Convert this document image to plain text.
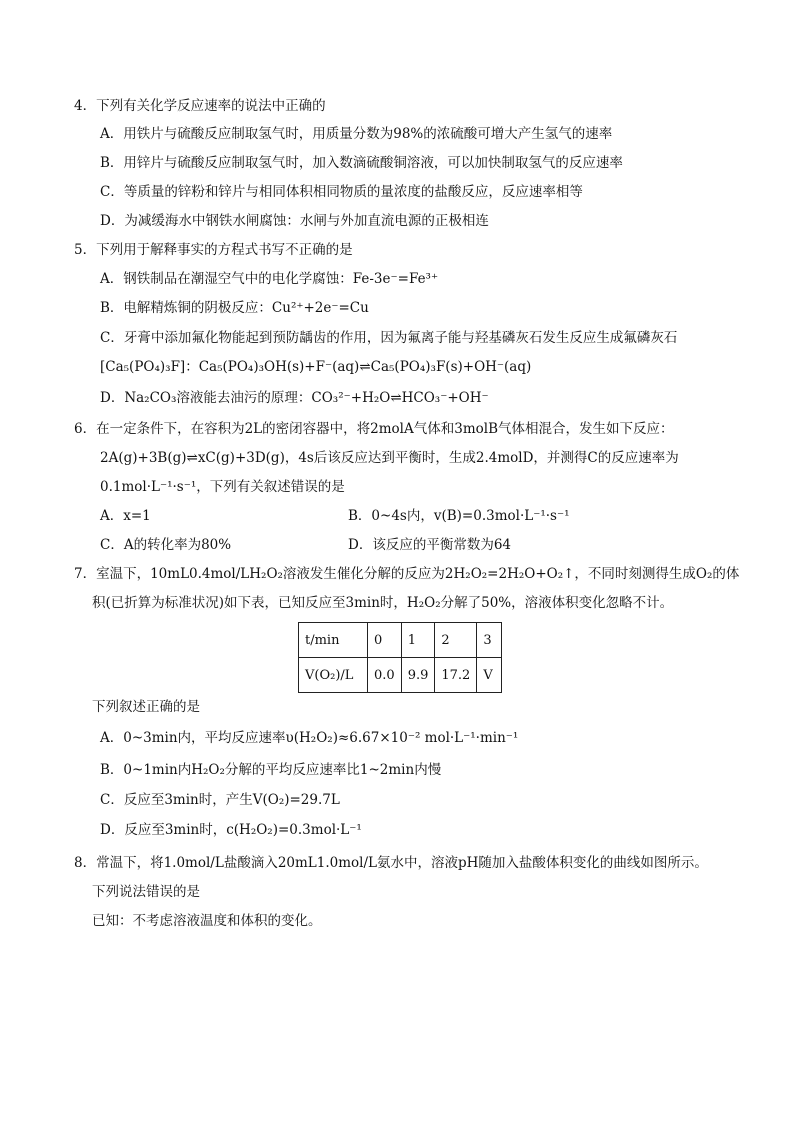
4．下列有关化学反应速率的说法中正确的
A．用铁片与硫酸反应制取氢气时，用质量分数为98%的浓硫酸可增大产生氢气的速率
B．用锌片与硫酸反应制取氢气时，加入数滴硫酸铜溶液，可以加快制取氢气的反应速率
C．等质量的锌粉和锌片与相同体积相同物质的量浓度的盐酸反应，反应速率相等
D．为减缓海水中钢铁水闸腐蚀：水闸与外加直流电源的正极相连
5．下列用于解释事实的方程式书写不正确的是
A．钢铁制品在潮湿空气中的电化学腐蚀：Fe-3e⁻=Fe³⁺
B．电解精炼铜的阴极反应：Cu²⁺+2e⁻=Cu
C．牙膏中添加氟化物能起到预防龋齿的作用，因为氟离子能与羟基磷灰石发生反应生成氟磷灰石
[Ca₅(PO₄)₃F]：Ca₅(PO₄)₃OH(s)+F⁻(aq)⇌Ca₅(PO₄)₃F(s)+OH⁻(aq)
D．Na₂CO₃溶液能去油污的原理：CO₃²⁻+H₂O⇌HCO₃⁻+OH⁻
6．在一定条件下，在容积为2L的密闭容器中，将2molA气体和3molB气体相混合，发生如下反应：
2A(g)+3B(g)⇌xC(g)+3D(g)，4s后该反应达到平衡时，生成2.4molD，并测得C的反应速率为
0.1mol·L⁻¹·s⁻¹，下列有关叙述错误的是
A．x=1	B．0~4s内，v(B)=0.3mol·L⁻¹·s⁻¹
C．A的转化率为80%	D．该反应的平衡常数为64
7．室温下，10mL0.4mol/LH₂O₂溶液发生催化分解的反应为2H₂O₂=2H₂O+O₂↑，不同时刻测得生成O₂的体
积(已折算为标准状况)如下表，已知反应至3min时，H₂O₂分解了50%，溶液体积变化忽略不计。
t/min	0	1	2	3
V(O₂)/L	0.0	9.9	17.2	V
下列叙述正确的是
A．0~3min内，平均反应速率υ(H₂O₂)≈6.67×10⁻² mol·L⁻¹·min⁻¹
B．0~1min内H₂O₂分解的平均反应速率比1~2min内慢
C．反应至3min时，产生V(O₂)=29.7L
D．反应至3min时，c(H₂O₂)=0.3mol·L⁻¹
8．常温下，将1.0mol/L盐酸滴入20mL1.0mol/L氨水中，溶液pH随加入盐酸体积变化的曲线如图所示。
下列说法错误的是
已知：不考虑溶液温度和体积的变化。
